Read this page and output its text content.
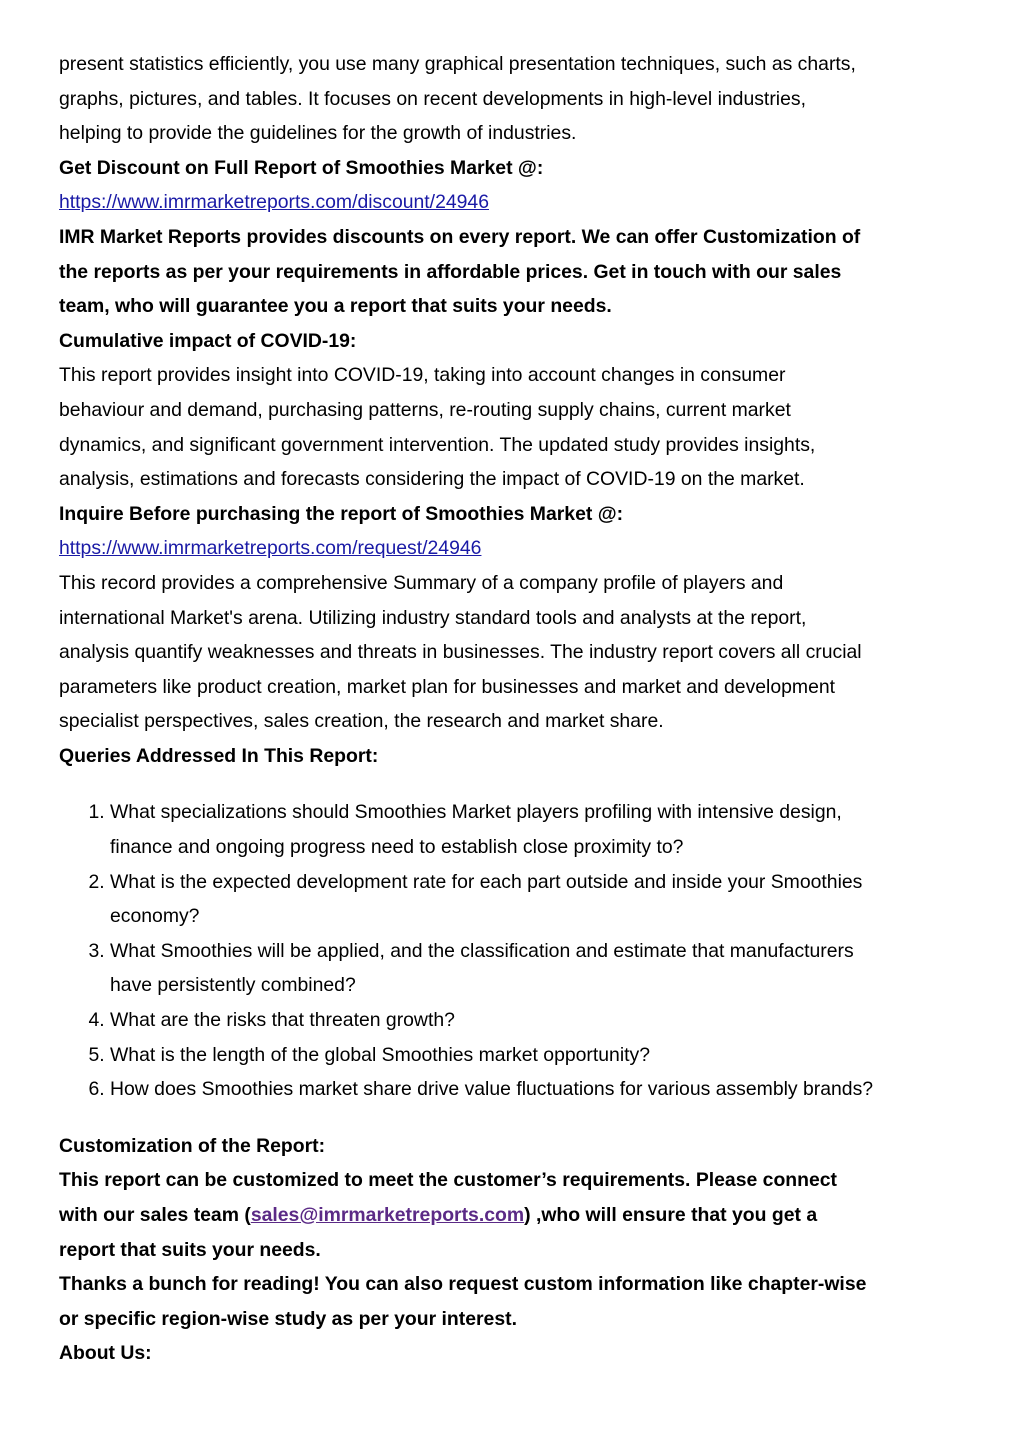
present statistics efficiently, you use many graphical presentation techniques, such as charts,
graphs, pictures, and tables. It focuses on recent developments in high-level industries,
helping to provide the guidelines for the growth of industries.
Get Discount on Full Report of Smoothies Market @:
https://www.imrmarketreports.com/discount/24946
IMR Market Reports provides discounts on every report. We can offer Customization of
the reports as per your requirements in affordable prices. Get in touch with our sales
team, who will guarantee you a report that suits your needs.
Cumulative impact of COVID-19:
This report provides insight into COVID-19, taking into account changes in consumer
behaviour and demand, purchasing patterns, re-routing supply chains, current market
dynamics, and significant government intervention. The updated study provides insights,
analysis, estimations and forecasts considering the impact of COVID-19 on the market.
Inquire Before purchasing the report of Smoothies Market @:
https://www.imrmarketreports.com/request/24946
This record provides a comprehensive Summary of a company profile of players and
international Market's arena. Utilizing industry standard tools and analysts at the report,
analysis quantify weaknesses and threats in businesses. The industry report covers all crucial
parameters like product creation, market plan for businesses and market and development
specialist perspectives, sales creation, the research and market share.
Queries Addressed In This Report:
1. What specializations should Smoothies Market players profiling with intensive design,
finance and ongoing progress need to establish close proximity to?
2. What is the expected development rate for each part outside and inside your Smoothies
economy?
3. What Smoothies will be applied, and the classification and estimate that manufacturers
have persistently combined?
4. What are the risks that threaten growth?
5. What is the length of the global Smoothies market opportunity?
6. How does Smoothies market share drive value fluctuations for various assembly brands?
Customization of the Report:
This report can be customized to meet the customer’s requirements. Please connect
with our sales team (sales@imrmarketreports.com) ,who will ensure that you get a
report that suits your needs.
Thanks a bunch for reading! You can also request custom information like chapter-wise
or specific region-wise study as per your interest.
About Us:
